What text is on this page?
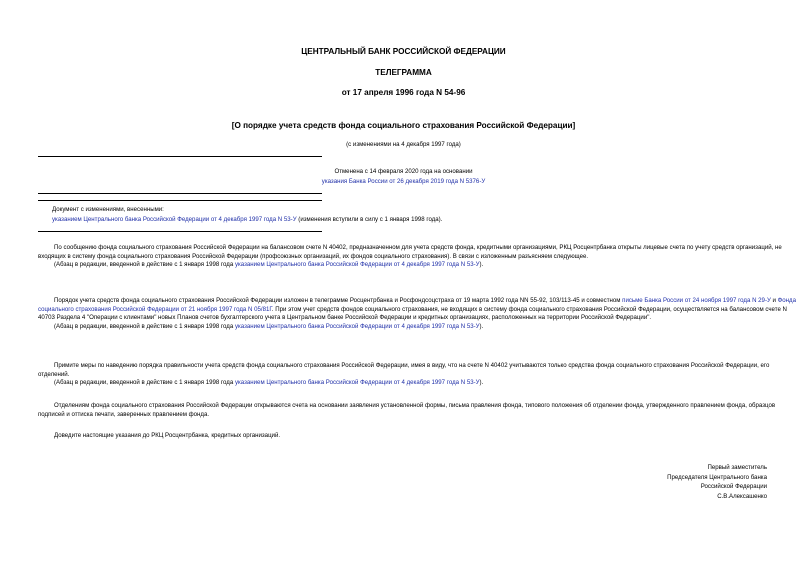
ЦЕНТРАЛЬНЫЙ БАНК РОССИЙСКОЙ ФЕДЕРАЦИИ
ТЕЛЕГРАММА
от 17 апреля 1996 года N 54-96
[О порядке учета средств фонда социального страхования Российской Федерации]
(с изменениями на 4 декабря 1997 года)
Отменена с 14 февраля 2020 года на основании
указания Банка России от 26 декабря 2019 года N 5376-У
Документ с изменениями, внесенными:
указанием Центрального банка Российской Федерации от 4 декабря 1997 года N 53-У (изменения вступили в силу с 1 января 1998 года).

По сообщению фонда социального страхования Российской Федерации на балансовом счете N 40402, предназначенном для учета средств фонда, кредитными организациями, РКЦ Росцентрбанка открыты лицевые счета по учету средств организаций, не входящих в систему фонда социального страхования Российской Федерации (профсоюзных организаций, их фондов социального страхования). В связи с изложенным разъясняем следующее.

(Абзац в редакции, введенной в действие с 1 января 1998 года указанием Центрального банка Российской Федерации от 4 декабря 1997 года N 53-У).

Порядок учета средств фонда социального страхования Российской Федерации изложен в телеграмме Росцентрбанка и Росфондсоцстраха от 19 марта 1992 года NN 55-92, 103/113-45 и совместном письме Банка России от 24 ноября 1997 года N 29-У и Фонда социального страхования Российской Федерации от 21 ноября 1997 года N 05/81Г. При этом учет средств фондов социального страхования, не входящих в систему фонда социального страхования Российской Федерации, осуществляется на балансовом счете N 40703 Раздела 4 "Операции с клиентами" новых Планов счетов бухгалтерского учета в Центральном банке Российской Федерации и кредитных организациях, расположенных на территории Российской Федерации".

(Абзац в редакции, введенной в действие с 1 января 1998 года указанием Центрального банка Российской Федерации от 4 декабря 1997 года N 53-У).

Примите меры по наведению порядка правильности учета средств фонда социального страхования Российской Федерации, имея в виду, что на счете N 40402 учитываются только средства фонда социального страхования Российской Федерации, его отделений.

(Абзац в редакции, введенной в действие с 1 января 1998 года указанием Центрального банка Российской Федерации от 4 декабря 1997 года N 53-У).

Отделениям фонда социального страхования Российской Федерации открываются счета на основании заявления установленной формы, письма правления фонда, типового положения об отделении фонда, утвержденного правлением фонда, образцов подписей и оттиска печати, заверенных правлением фонда.

Доведите настоящие указания до РКЦ Росцентрбанка, кредитных организаций.

Первый заместитель
Председателя Центрального банка
Российской Федерации
С.В.Алексашенко
